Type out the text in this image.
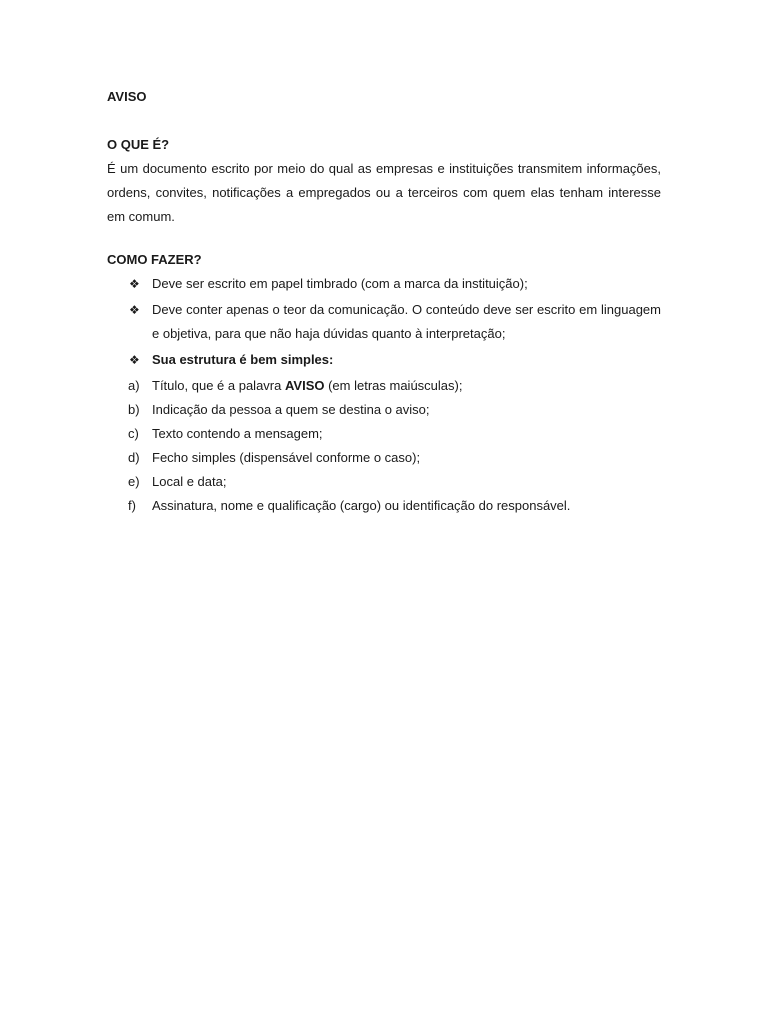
AVISO

O QUE É?

É um documento escrito por meio do qual as empresas e instituições transmitem informações, ordens, convites, notificações a empregados ou a terceiros com quem elas tenham interesse em comum.

COMO FAZER?

❖ Deve ser escrito em papel timbrado (com a marca da instituição);
❖ Deve conter apenas o teor da comunicação. O conteúdo deve ser escrito em linguagem e objetiva, para que não haja dúvidas quanto à interpretação;
❖ Sua estrutura é bem simples:
a) Título, que é a palavra AVISO (em letras maiúsculas);
b) Indicação da pessoa a quem se destina o aviso;
c) Texto contendo a mensagem;
d) Fecho simples (dispensável conforme o caso);
e) Local e data;
f) Assinatura, nome e qualificação (cargo) ou identificação do responsável.
